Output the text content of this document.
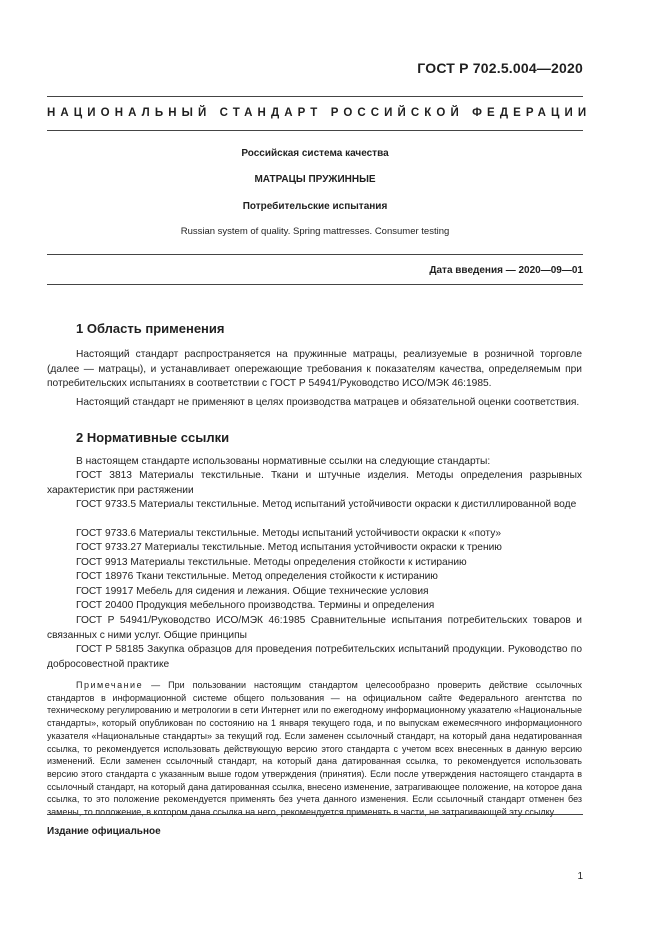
ГОСТ Р 702.5.004—2020
НАЦИОНАЛЬНЫЙ СТАНДАРТ РОССИЙСКОЙ ФЕДЕРАЦИИ
Российская система качества
МАТРАЦЫ ПРУЖИННЫЕ
Потребительские испытания
Russian system of quality. Spring mattresses. Consumer testing
Дата введения — 2020—09—01
1 Область применения

Настоящий стандарт распространяется на пружинные матрацы, реализуемые в розничной торговле (далее — матрацы), и устанавливает опережающие требования к показателям качества, определяемым при потребительских испытаниях в соответствии с ГОСТ Р 54941/Руководство ИСО/МЭК 46:1985.

Настоящий стандарт не применяют в целях производства матрацев и обязательной оценки соответствия.

2 Нормативные ссылки

В настоящем стандарте использованы нормативные ссылки на следующие стандарты:

ГОСТ 3813 Материалы текстильные. Ткани и штучные изделия. Методы определения разрывных характеристик при растяжении

ГОСТ 9733.5 Материалы текстильные. Метод испытаний устойчивости окраски к дистиллированной воде

ГОСТ 9733.6 Материалы текстильные. Методы испытаний устойчивости окраски к «поту»

ГОСТ 9733.27 Материалы текстильные. Метод испытания устойчивости окраски к трению

ГОСТ 9913 Материалы текстильные. Методы определения стойкости к истиранию

ГОСТ 18976 Ткани текстильные. Метод определения стойкости к истиранию

ГОСТ 19917 Мебель для сидения и лежания. Общие технические условия

ГОСТ 20400 Продукция мебельного производства. Термины и определения

ГОСТ Р 54941/Руководство ИСО/МЭК 46:1985 Сравнительные испытания потребительских товаров и связанных с ними услуг. Общие принципы

ГОСТ Р 58185 Закупка образцов для проведения потребительских испытаний продукции. Руководство по добросовестной практике

Примечание — При пользовании настоящим стандартом целесообразно проверить действие ссылочных стандартов в информационной системе общего пользования — на официальном сайте Федерального агентства по техническому регулированию и метрологии в сети Интернет или по ежегодному информационному указателю «Национальные стандарты», который опубликован по состоянию на 1 января текущего года, и по выпускам ежемесячного информационного указателя «Национальные стандарты» за текущий год. Если заменен ссылочный стандарт, на который дана недатированная ссылка, то рекомендуется использовать действующую версию этого стандарта с учетом всех внесенных в данную версию изменений. Если заменен ссылочный стандарт, на который дана датированная ссылка, то рекомендуется использовать версию этого стандарта с указанным выше годом утверждения (принятия). Если после утверждения настоящего стандарта в ссылочный стандарт, на который дана датированная ссылка, внесено изменение, затрагивающее положение, на которое дана ссылка, то это положение рекомендуется применять без учета данного изменения. Если ссылочный стандарт отменен без замены, то положение, в котором дана ссылка на него, рекомендуется применять в части, не затрагивающей эту ссылку.

Издание официальное
1
